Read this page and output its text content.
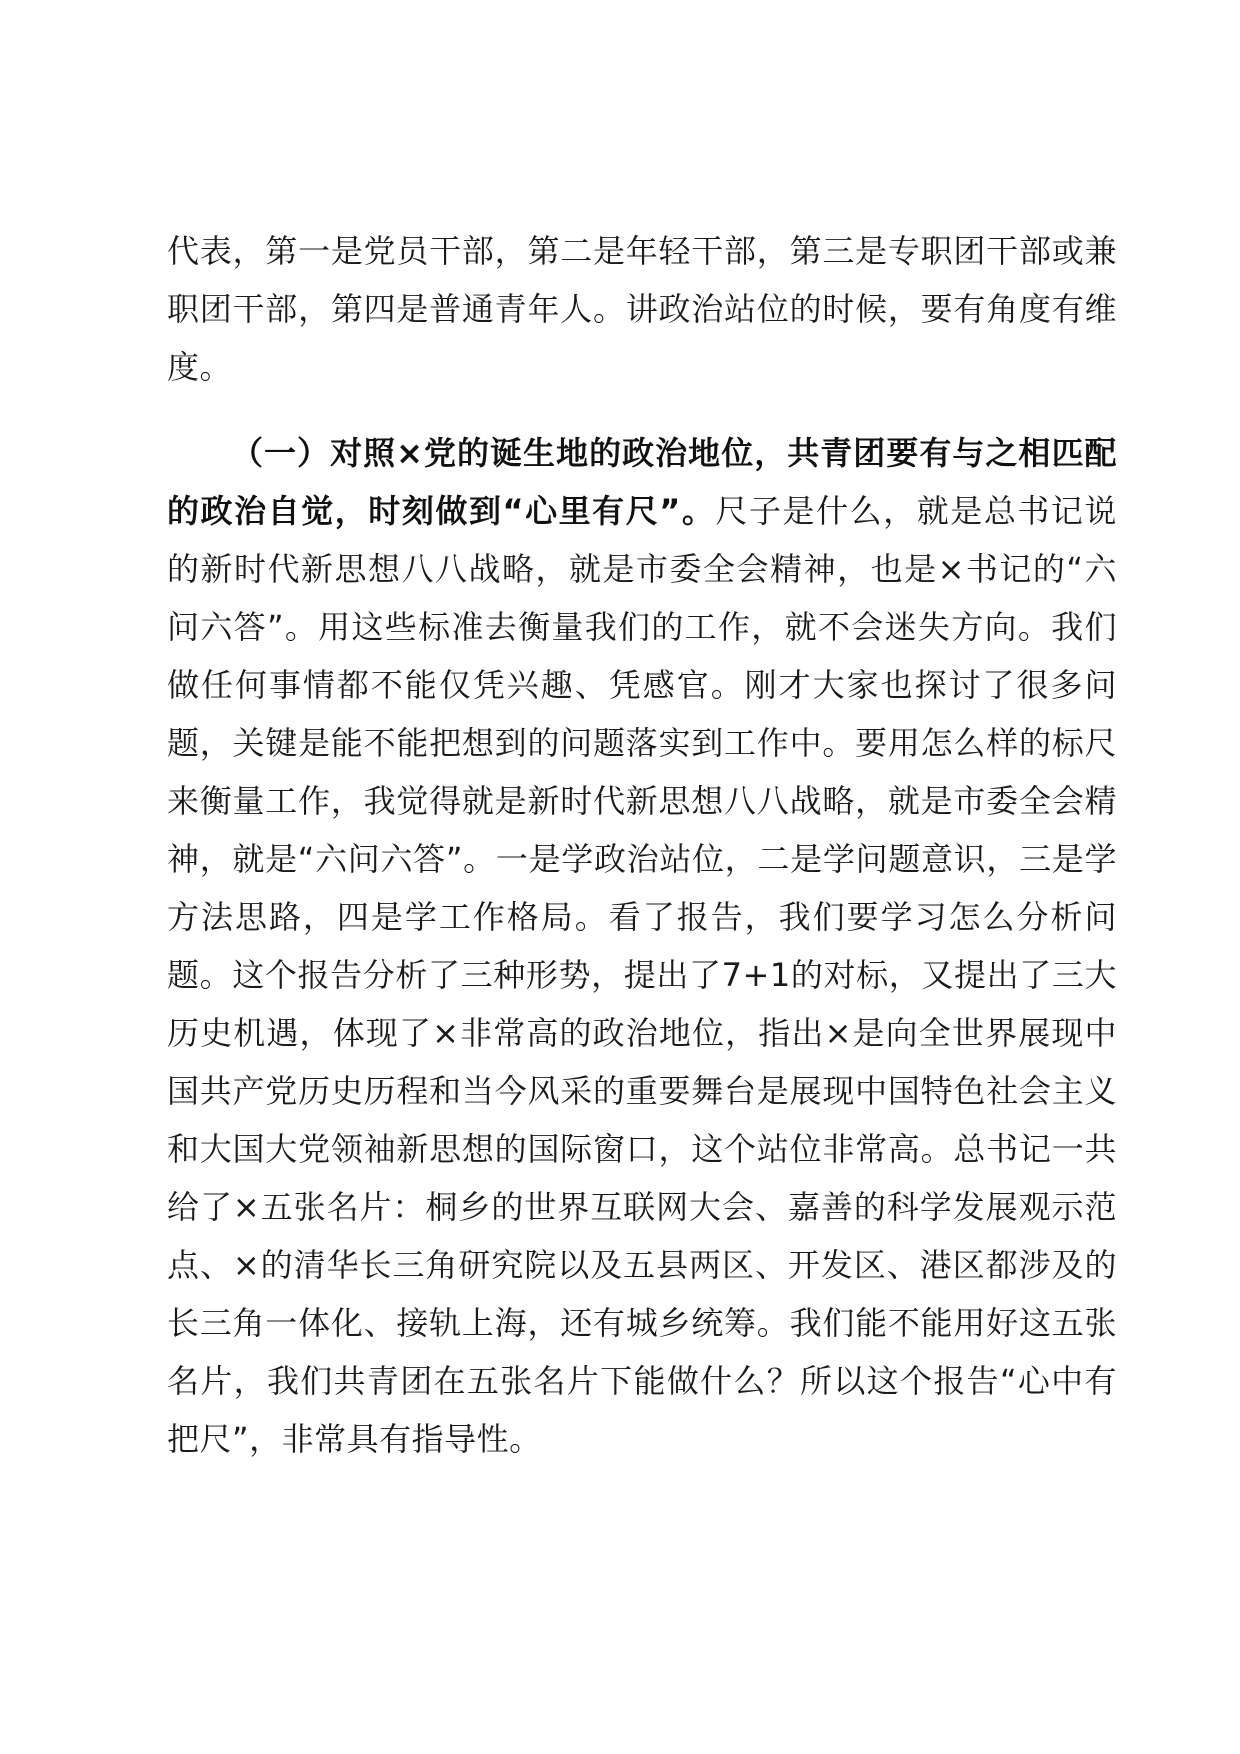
代表，第一是党员干部，第二是年轻干部，第三是专职团干部或兼职团干部，第四是普通青年人。讲政治站位的时候，要有角度有维度。

（一）对照×党的诞生地的政治地位，共青团要有与之相匹配的政治自觉，时刻做到“心里有尺”。尺子是什么，就是总书记说的新时代新思想八八战略，就是市委全会精神，也是×书记的“六问六答”。用这些标准去衡量我们的工作，就不会迷失方向。我们做任何事情都不能仅凭兴趣、凭感官。刚才大家也探讨了很多问题，关键是能不能把想到的问题落实到工作中。要用怎么样的标尺来衡量工作，我觉得就是新时代新思想八八战略，就是市委全会精神，就是“六问六答”。一是学政治站位，二是学问题意识，三是学方法思路，四是学工作格局。看了报告，我们要学习怎么分析问题。这个报告分析了三种形势，提出了7+1的对标，又提出了三大历史机遇，体现了×非常高的政治地位，指出×是向全世界展现中国共产党历史历程和当今风采的重要舞台是展现中国特色社会主义和大国大党领袖新思想的国际窗口，这个站位非常高。总书记一共给了×五张名片：桐乡的世界互联网大会、嘉善的科学发展观示范点、×的清华长三角研究院以及五县两区、开发区、港区都涉及的长三角一体化、接轨上海，还有城乡统筹。我们能不能用好这五张名片，我们共青团在五张名片下能做什么？所以这个报告“心中有把尺”，非常具有指导性。
